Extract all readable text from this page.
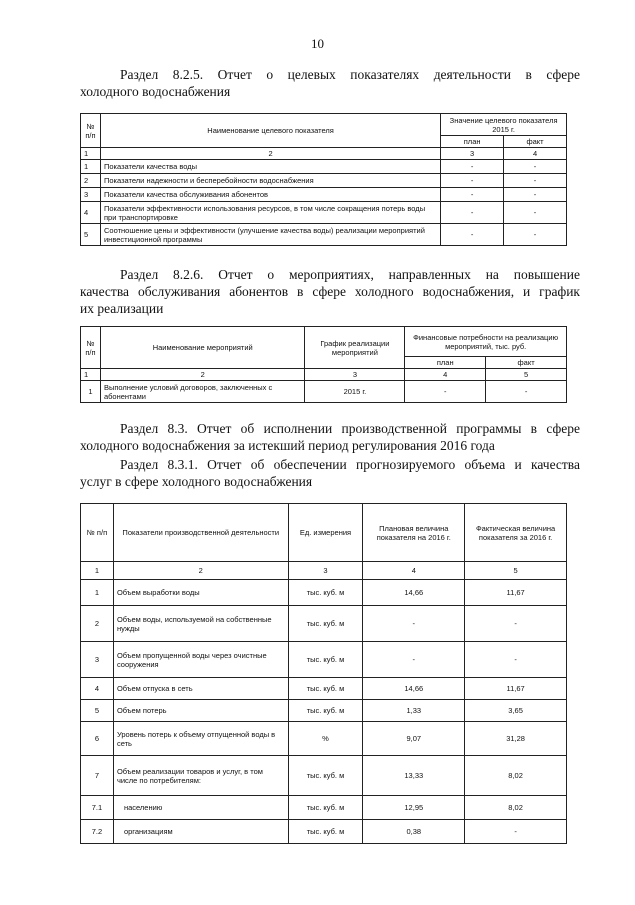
10
Раздел 8.2.5. Отчет о целевых показателях деятельности в сфере
холодного водоснабжения
№ п/п	Наименование целевого показателя	Значение целевого показателя 2015 г.	
		план	факт
1	2	3	4
1	Показатели качества воды	-	-
2	Показатели надежности и бесперебойности водоснабжения	-	-
3	Показатели качества обслуживания абонентов	-	-
4	Показатели эффективности использования ресурсов, в том числе сокращения потерь воды при транспортировке	-	-
5	Соотношение цены и эффективности (улучшение качества воды) реализации мероприятий инвестиционной программы	-	-
Раздел 8.2.6. Отчет о мероприятиях, направленных на повышение
качества обслуживания абонентов в сфере холодного водоснабжения, и график
их реализации
№ п/п	Наименование мероприятий	График реализации мероприятий	Финансовые потребности на реализацию мероприятий, тыс. руб.	
			план	факт
1	2	3	4	5
1	Выполнение условий договоров, заключенных с абонентами	2015 г.	-	-
Раздел 8.3. Отчет об исполнении производственной программы в сфере
холодного водоснабжения за истекший период регулирования 2016 года
Раздел 8.3.1. Отчет об обеспечении прогнозируемого объема и качества
услуг в сфере холодного водоснабжения
№ п/п	Показатели производственной деятельности	Ед. измерения	Плановая величина показателя на 2016 г.	Фактическая величина показателя за 2016 г.
1	2	3	4	5
1	Объем выработки воды	тыс. куб. м	14,66	11,67
2	Объем воды, используемой на собственные нужды	тыс. куб. м	-	-
3	Объем пропущенной воды через очистные сооружения	тыс. куб. м	-	-
4	Объем отпуска в сеть	тыс. куб. м	14,66	11,67
5	Объем потерь	тыс. куб. м	1,33	3,65
6	Уровень потерь к объему отпущенной воды в сеть	%	9,07	31,28
7	Объем реализации товаров и услуг, в том числе по потребителям:	тыс. куб. м	13,33	8,02
7.1	населению	тыс. куб. м	12,95	8,02
7.2	организациям	тыс. куб. м	0,38	-
